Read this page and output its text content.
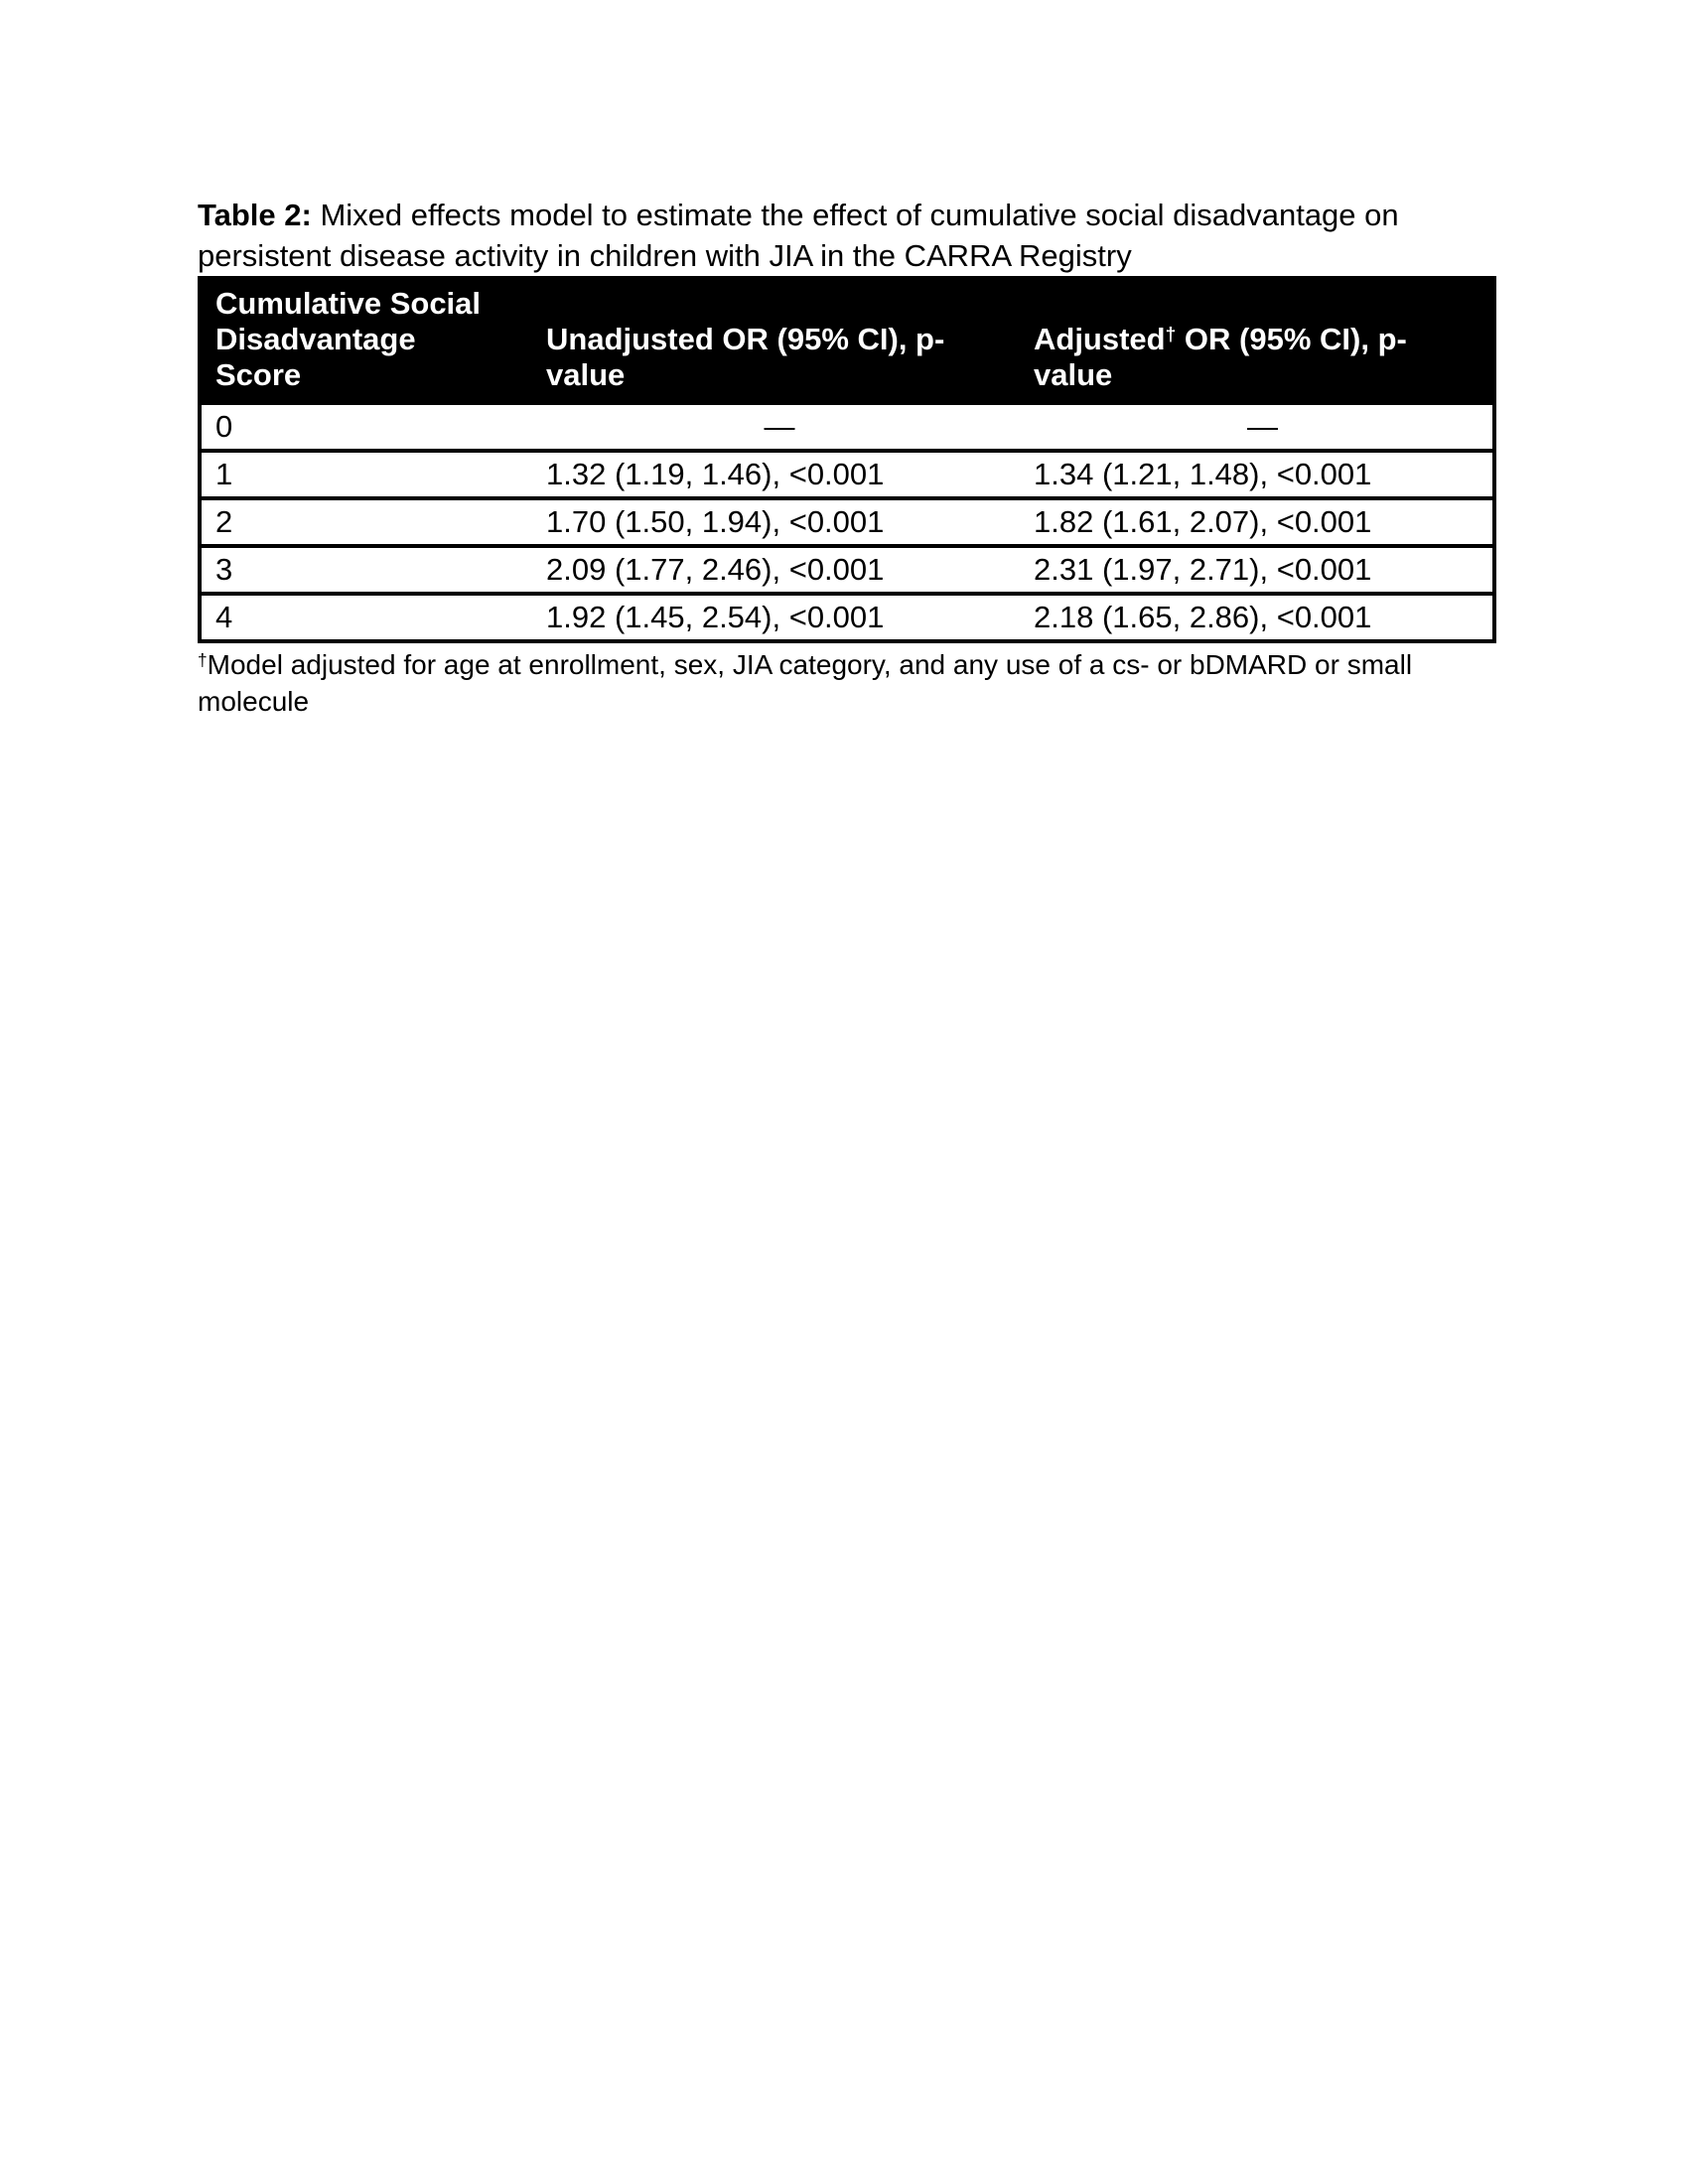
Table 2: Mixed effects model to estimate the effect of cumulative social disadvantage on persistent disease activity in children with JIA in the CARRA Registry
Cumulative Social Disadvantage Score	Unadjusted OR (95% CI), p-value	Adjusted† OR (95% CI), p-value
0	—	—
1	1.32 (1.19, 1.46), <0.001	1.34 (1.21, 1.48), <0.001
2	1.70 (1.50, 1.94), <0.001	1.82 (1.61, 2.07), <0.001
3	2.09 (1.77, 2.46), <0.001	2.31 (1.97, 2.71), <0.001
4	1.92 (1.45, 2.54), <0.001	2.18 (1.65, 2.86), <0.001
†Model adjusted for age at enrollment, sex, JIA category, and any use of a cs- or bDMARD or small molecule
